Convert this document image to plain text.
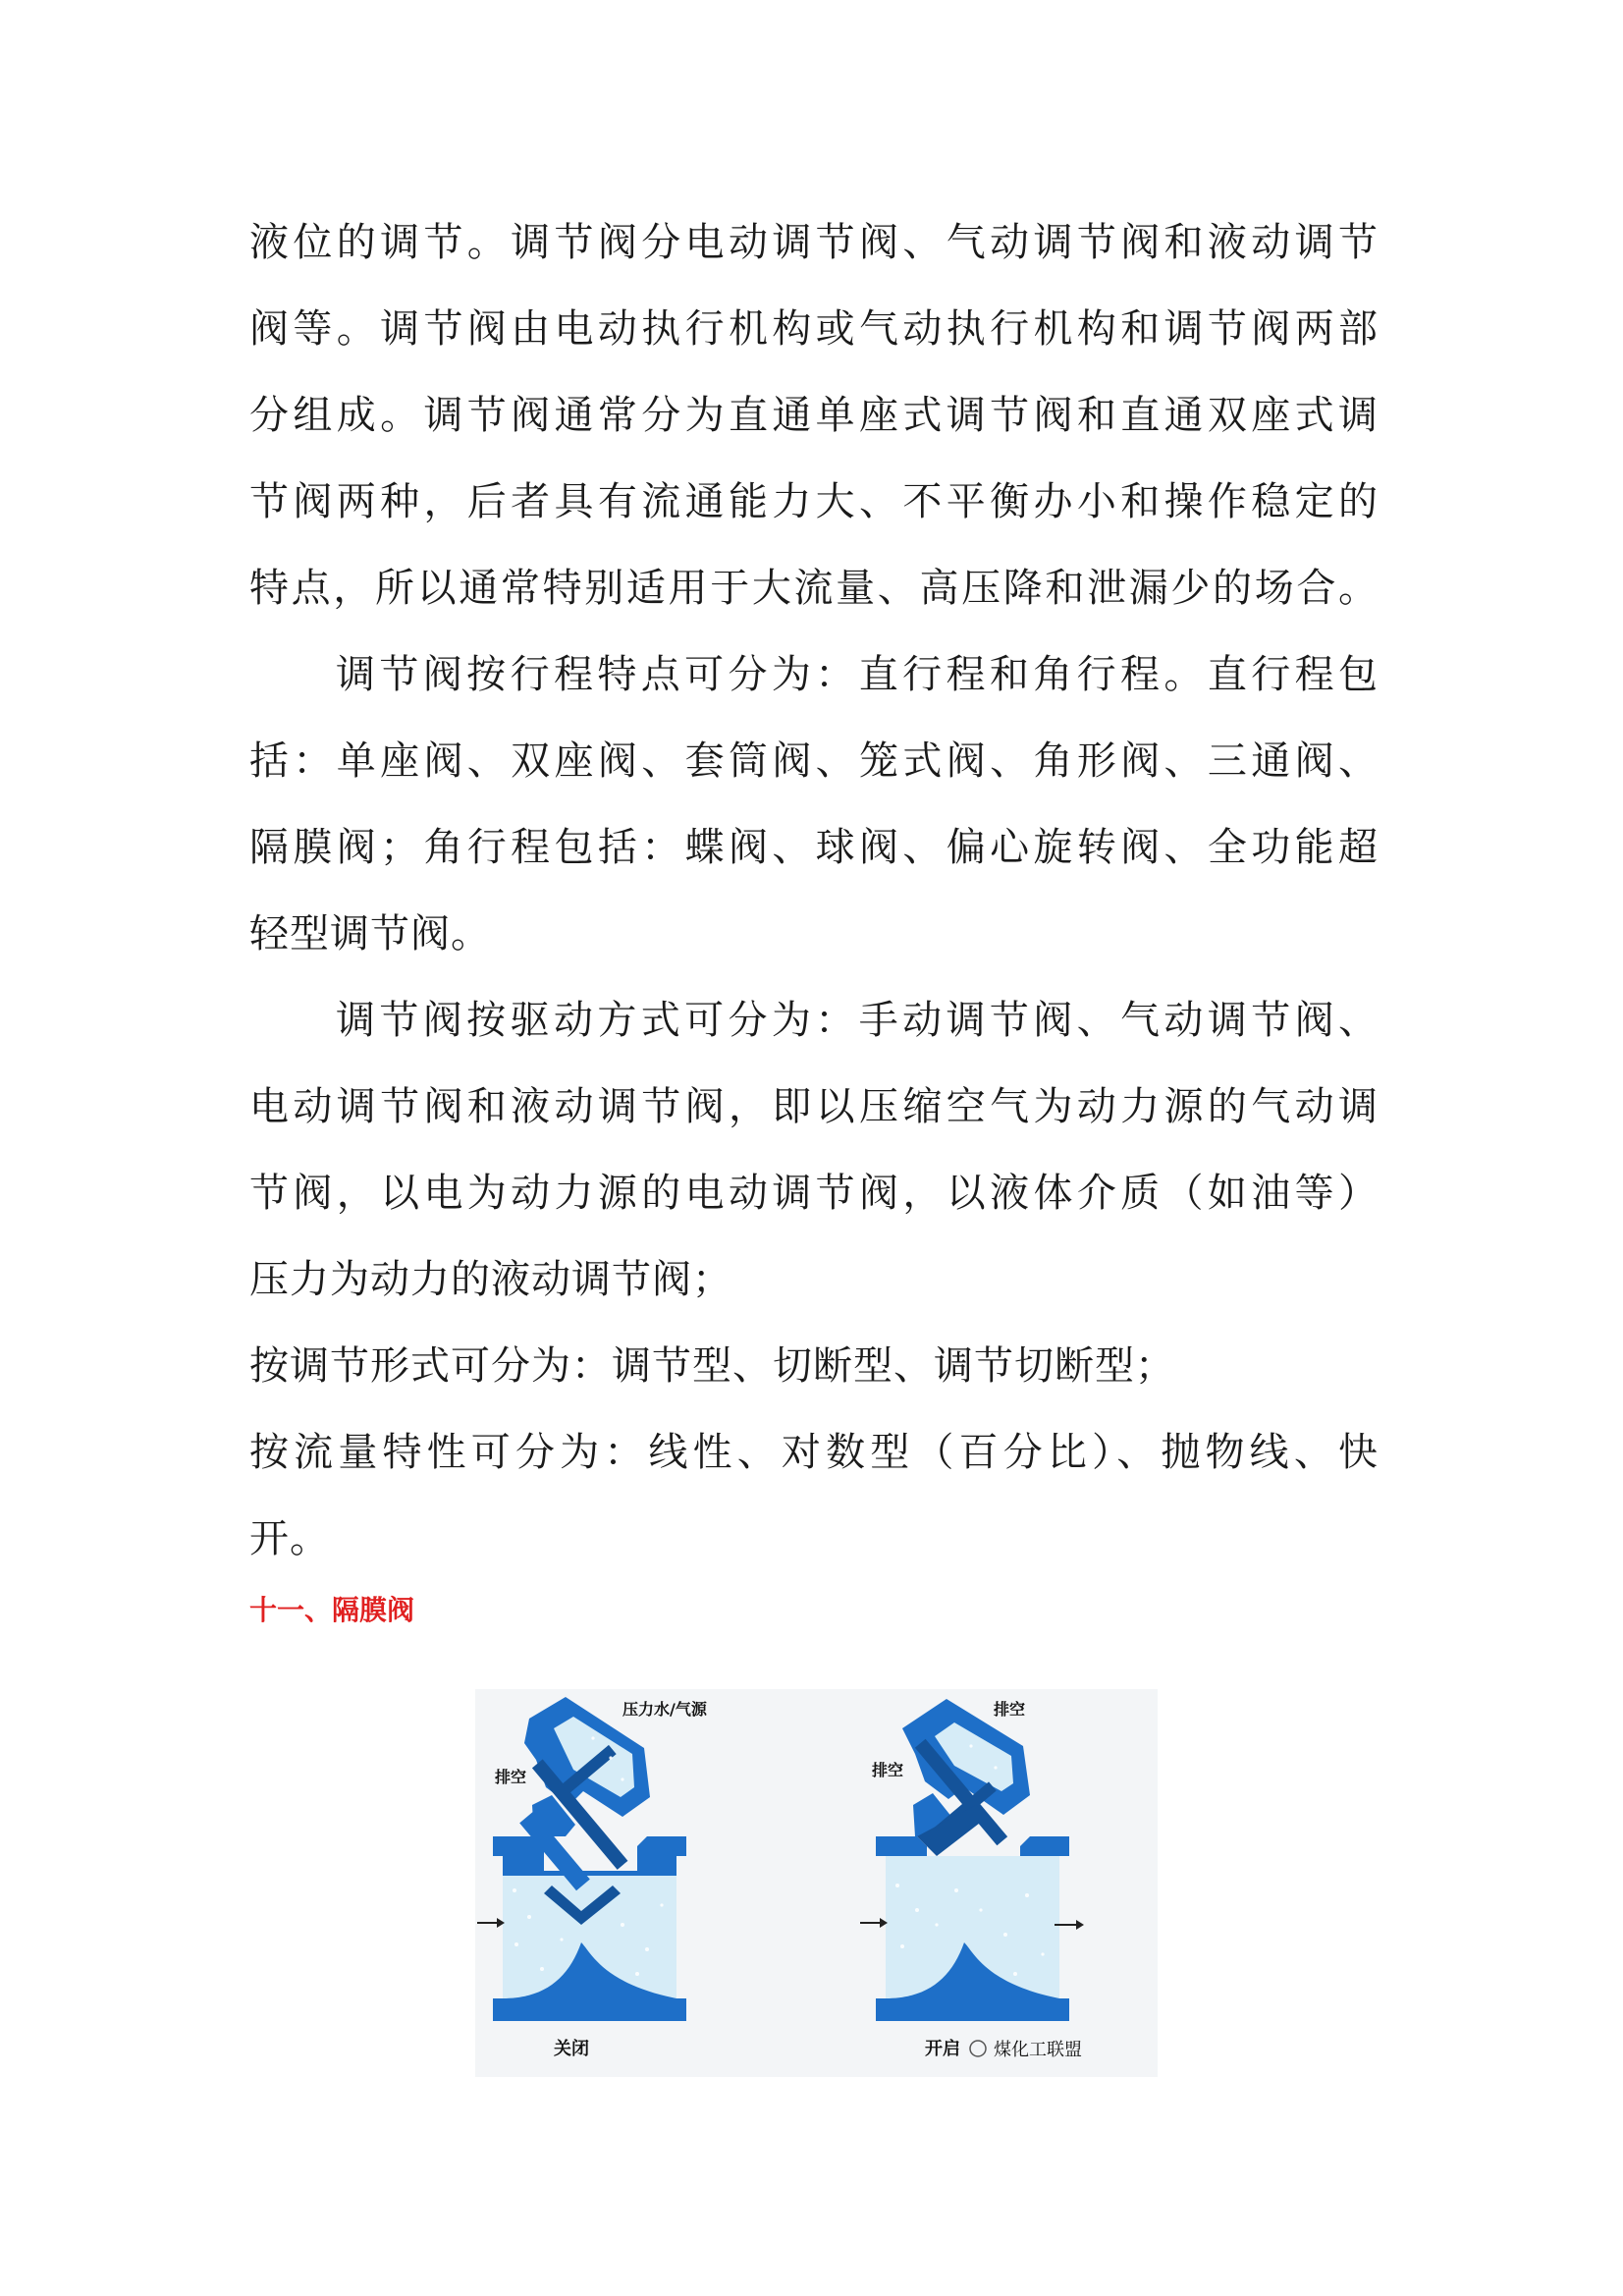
液位的调节。调节阀分电动调节阀、气动调节阀和液动调节
阀等。调节阀由电动执行机构或气动执行机构和调节阀两部
分组成。调节阀通常分为直通单座式调节阀和直通双座式调
节阀两种，后者具有流通能力大、不平衡办小和操作稳定的
特点，所以通常特别适用于大流量、高压降和泄漏少的场合。
调节阀按行程特点可分为：直行程和角行程。直行程包
括：单座阀、双座阀、套筒阀、笼式阀、角形阀、三通阀、
隔膜阀；角行程包括：蝶阀、球阀、偏心旋转阀、全功能超
轻型调节阀。
调节阀按驱动方式可分为：手动调节阀、气动调节阀、
电动调节阀和液动调节阀，即以压缩空气为动力源的气动调
节阀，以电为动力源的电动调节阀，以液体介质（如油等）
压力为动力的液动调节阀；
按调节形式可分为：调节型、切断型、调节切断型；
按流量特性可分为：线性、对数型（百分比）、抛物线、快
开。
十一、隔膜阀
压力水/气源
排空
关闭
排空
排空
开启 煤化工联盟
